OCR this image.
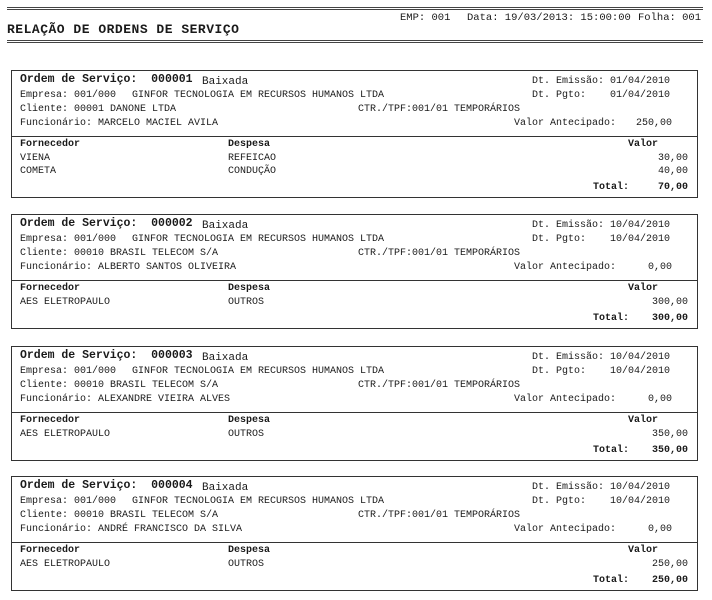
EMP: 001

Data: 19/03/2013: 15:00:00

Folha: 001

RELAÇÃO DE ORDENS DE SERVIÇO
Ordem de Serviço: 000001 Baixada	Dt. Emissão: 01/04/2010
Empresa: 001/000 GINFOR TECNOLOGIA EM RECURSOS HUMANOS LTDA	Dt. Pgto: 01/04/2010
Cliente: 00001 DANONE LTDA	CTR./TPF:001/01 TEMPORÁRIOS
Funcionário: MARCELO MACIEL AVILA	Valor Antecipado:	250,00
Fornecedor	Despesa	Valor
VIENA	REFEICAO	30,00
COMETA	CONDUÇÃO	40,00
Total:	70,00
Ordem de Serviço: 000002 Baixada	Dt. Emissão: 10/04/2010
Empresa: 001/000 GINFOR TECNOLOGIA EM RECURSOS HUMANOS LTDA	Dt. Pgto: 10/04/2010
Cliente: 00010 BRASIL TELECOM S/A	CTR./TPF:001/01 TEMPORÁRIOS
Funcionário: ALBERTO SANTOS OLIVEIRA	Valor Antecipado:	0,00
Fornecedor	Despesa	Valor
AES ELETROPAULO	OUTROS	300,00
Total:	300,00
Ordem de Serviço: 000003 Baixada	Dt. Emissão: 10/04/2010
Empresa: 001/000 GINFOR TECNOLOGIA EM RECURSOS HUMANOS LTDA	Dt. Pgto: 10/04/2010
Cliente: 00010 BRASIL TELECOM S/A	CTR./TPF:001/01 TEMPORÁRIOS
Funcionário: ALEXANDRE VIEIRA ALVES	Valor Antecipado:	0,00
Fornecedor	Despesa	Valor
AES ELETROPAULO	OUTROS	350,00
Total:	350,00
Ordem de Serviço: 000004 Baixada	Dt. Emissão: 10/04/2010
Empresa: 001/000 GINFOR TECNOLOGIA EM RECURSOS HUMANOS LTDA	Dt. Pgto: 10/04/2010
Cliente: 00010 BRASIL TELECOM S/A	CTR./TPF:001/01 TEMPORÁRIOS
Funcionário: ANDRÉ FRANCISCO DA SILVA	Valor Antecipado:	0,00
Fornecedor	Despesa	Valor
AES ELETROPAULO	OUTROS	250,00
Total:	250,00
